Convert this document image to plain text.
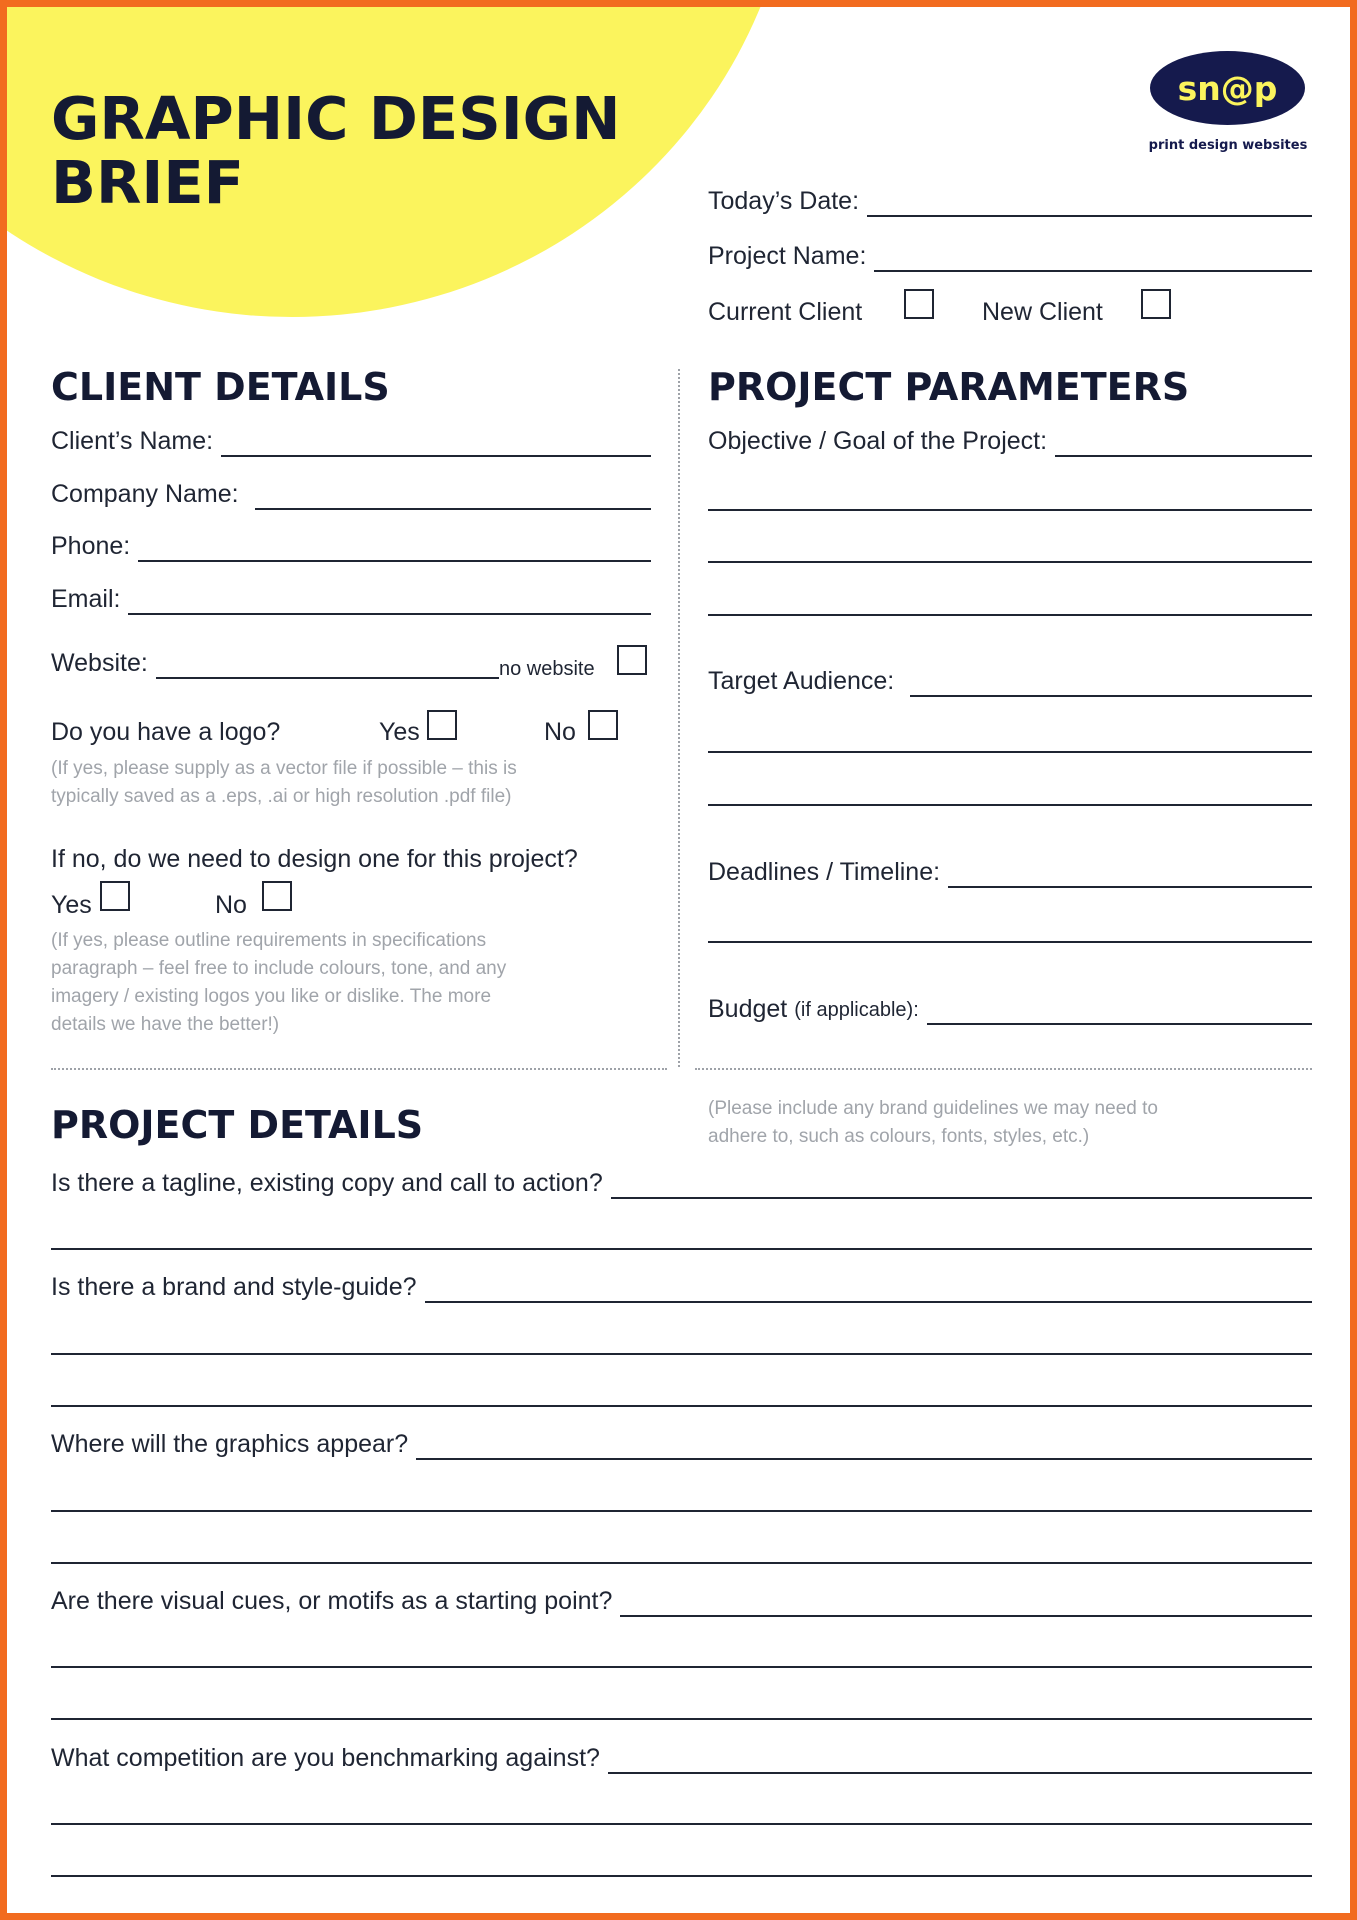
GRAPHIC DESIGN
BRIEF
sn@p
print design websites
Today’s Date:
Project Name:
Current Client	New Client
CLIENT DETAILS
Client’s Name:
Company Name:
Phone:
Email:
Website:	no website
Do you have a logo?	Yes	No
(If yes, please supply as a vector file if possible – this is
typically saved as a .eps, .ai or high resolution .pdf file)
If no, do we need to design one for this project?
Yes	No
(If yes, please outline requirements in specifications
paragraph – feel free to include colours, tone, and any
imagery / existing logos you like or dislike. The more
details we have the better!)
PROJECT PARAMETERS
Objective / Goal of the Project:
Target Audience:
Deadlines / Timeline:
Budget (if applicable):
(Please include any brand guidelines we may need to
adhere to, such as colours, fonts, styles, etc.)
PROJECT DETAILS
Is there a tagline, existing copy and call to action?
Is there a brand and style-guide?
Where will the graphics appear?
Are there visual cues, or motifs as a starting point?
What competition are you benchmarking against?
